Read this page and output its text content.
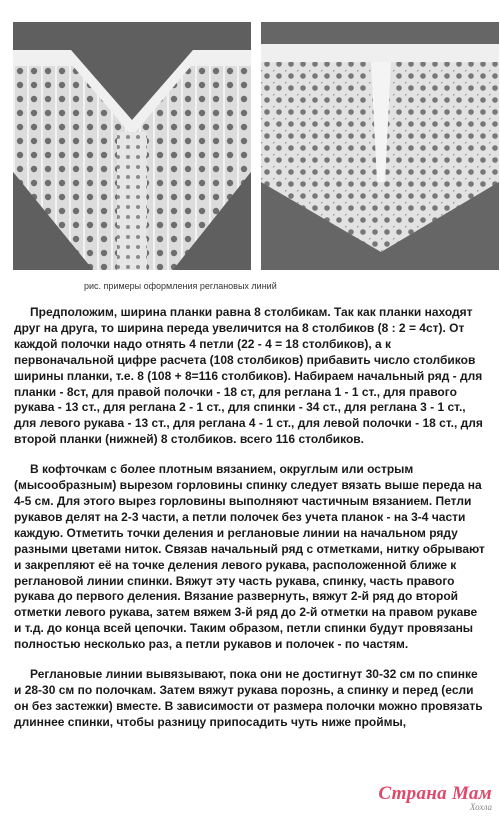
рис. примеры оформления реглановых линий

Предположим, ширина планки равна 8 столбикам. Так как планки находят друг на друга, то ширина переда увеличится на 8 столбиков (8 : 2 = 4ст). От каждой полочки надо отнять 4 петли (22 - 4 = 18 столбиков), а к первоначальной цифре расчета (108 столбиков) прибавить число столбиков ширины планки, т.е. 8 (108 + 8=116 столбиков). Набираем начальный ряд - для планки - 8ст, для правой полочки - 18 ст, для реглана 1 - 1 ст., для правого рукава - 13 ст., для реглана 2 - 1 ст., для спинки - 34 ст., для реглана 3 - 1 ст., для левого рукава - 13 ст., для реглана 4 - 1 ст., для левой полочки - 18 ст., для второй планки (нижней) 8 столбиков. всего 116 столбиков.

В кофточкам с более плотным вязанием, округлым или острым (мысообразным) вырезом горловины спинку следует вязать выше переда на 4-5 см. Для этого вырез горловины выполняют частичным вязанием. Петли рукавов делят на 2-3 части, а петли полочек без учета планок - на 3-4 части каждую. Отметить точки деления и реглановые линии на начальном ряду разными цветами ниток. Связав начальный ряд с отметками, нитку обрывают и закрепляют её на точке деления левого рукава, расположенной ближе к реглановой линии спинки. Вяжут эту часть рукава, спинку, часть правого рукава до первого деления. Вязание развернуть, вяжут 2-й ряд до второй отметки левого рукава, затем вяжем 3-й ряд до 2-й отметки на правом рукаве и т.д. до конца всей цепочки. Таким образом, петли спинки будут провязаны полностью несколько раз, а петли рукавов и полочек - по частям.

Реглановые линии вывязывают, пока они не достигнут 30-32 см по спинке и 28-30 см по полочкам. Затем вяжут рукава порознь, а спинку и перед (если он без застежки) вместе. В зависимости от размера полочки можно провязать длиннее спинки, чтобы разницу припосадить чуть ниже проймы,

Страна Мам
Хохла
